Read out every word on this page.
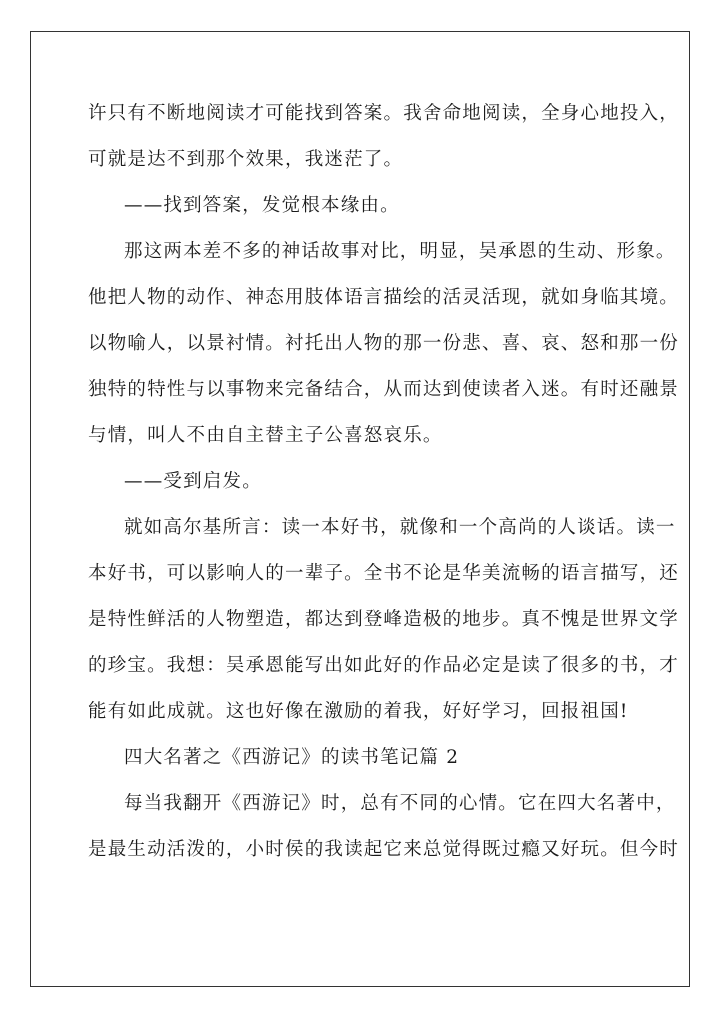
许只有不断地阅读才可能找到答案。我舍命地阅读，全身心地投入，
可就是达不到那个效果，我迷茫了。
——找到答案，发觉根本缘由。
那这两本差不多的神话故事对比，明显，吴承恩的生动、形象。
他把人物的动作、神态用肢体语言描绘的活灵活现，就如身临其境。
以物喻人，以景衬情。衬托出人物的那一份悲、喜、哀、怒和那一份
独特的特性与以事物来完备结合，从而达到使读者入迷。有时还融景
与情，叫人不由自主替主子公喜怒哀乐。
——受到启发。
就如高尔基所言：读一本好书，就像和一个高尚的人谈话。读一
本好书，可以影响人的一辈子。全书不论是华美流畅的语言描写，还
是特性鲜活的人物塑造，都达到登峰造极的地步。真不愧是世界文学
的珍宝。我想：吴承恩能写出如此好的作品必定是读了很多的书，才
能有如此成就。这也好像在激励的着我，好好学习，回报祖国!
四大名著之《西游记》的读书笔记篇 2
每当我翻开《西游记》时，总有不同的心情。它在四大名著中，
是最生动活泼的，小时侯的我读起它来总觉得既过瘾又好玩。但今时
